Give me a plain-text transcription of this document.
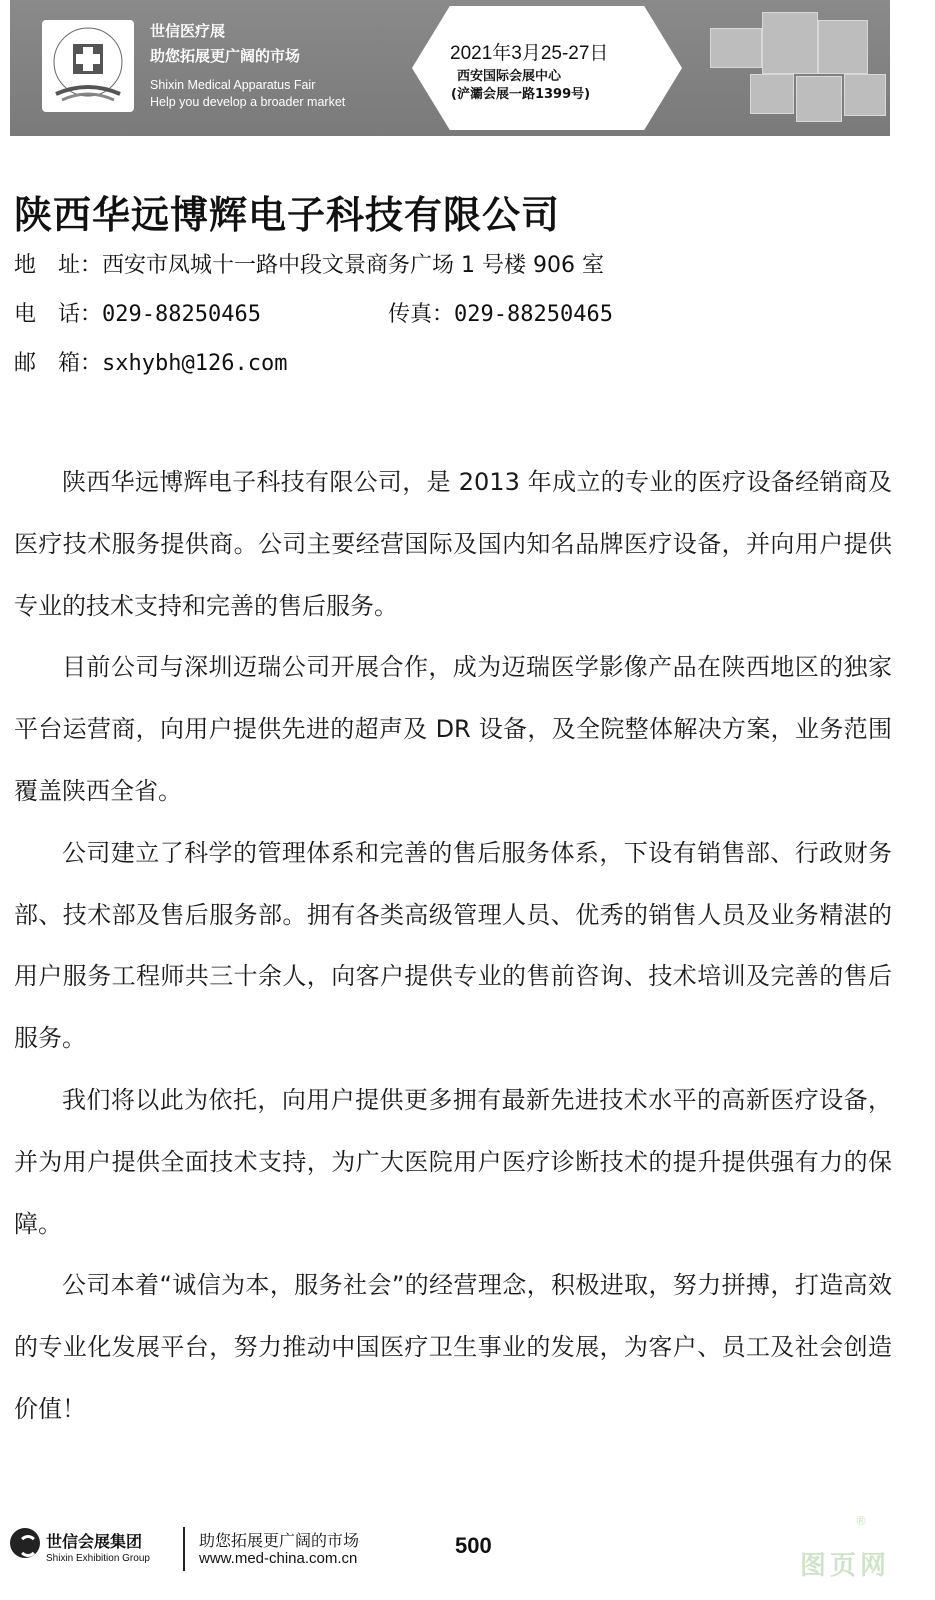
世信医疗展
助您拓展更广阔的市场
Shixin Medical Apparatus Fair
Help you develop a broader market
2021年3月25-27日
西安国际会展中心
(浐灞会展一路1399号)
陕西华远博辉电子科技有限公司
地　址：西安市凤城十一路中段文景商务广场 1 号楼 906 室
电　话：029-88250465	传真：029-88250465
邮　箱：sxhybh@126.com

陕西华远博辉电子科技有限公司，是 2013 年成立的专业的医疗设备经销商及医疗技术服务提供商。公司主要经营国际及国内知名品牌医疗设备，并向用户提供专业的技术支持和完善的售后服务。

目前公司与深圳迈瑞公司开展合作，成为迈瑞医学影像产品在陕西地区的独家平台运营商，向用户提供先进的超声及 DR 设备，及全院整体解决方案，业务范围覆盖陕西全省。

公司建立了科学的管理体系和完善的售后服务体系，下设有销售部、行政财务部、技术部及售后服务部。拥有各类高级管理人员、优秀的销售人员及业务精湛的用户服务工程师共三十余人，向客户提供专业的售前咨询、技术培训及完善的售后服务。

我们将以此为依托，向用户提供更多拥有最新先进技术水平的高新医疗设备，并为用户提供全面技术支持，为广大医院用户医疗诊断技术的提升提供强有力的保障。

公司本着“诚信为本，服务社会”的经营理念，积极进取，努力拼搏，打造高效的专业化发展平台，努力推动中国医疗卫生事业的发展，为客户、员工及社会创造价值！

世信会展集团
Shixin Exhibition Group
助您拓展更广阔的市场
www.med-china.com.cn
500
®
图页网
